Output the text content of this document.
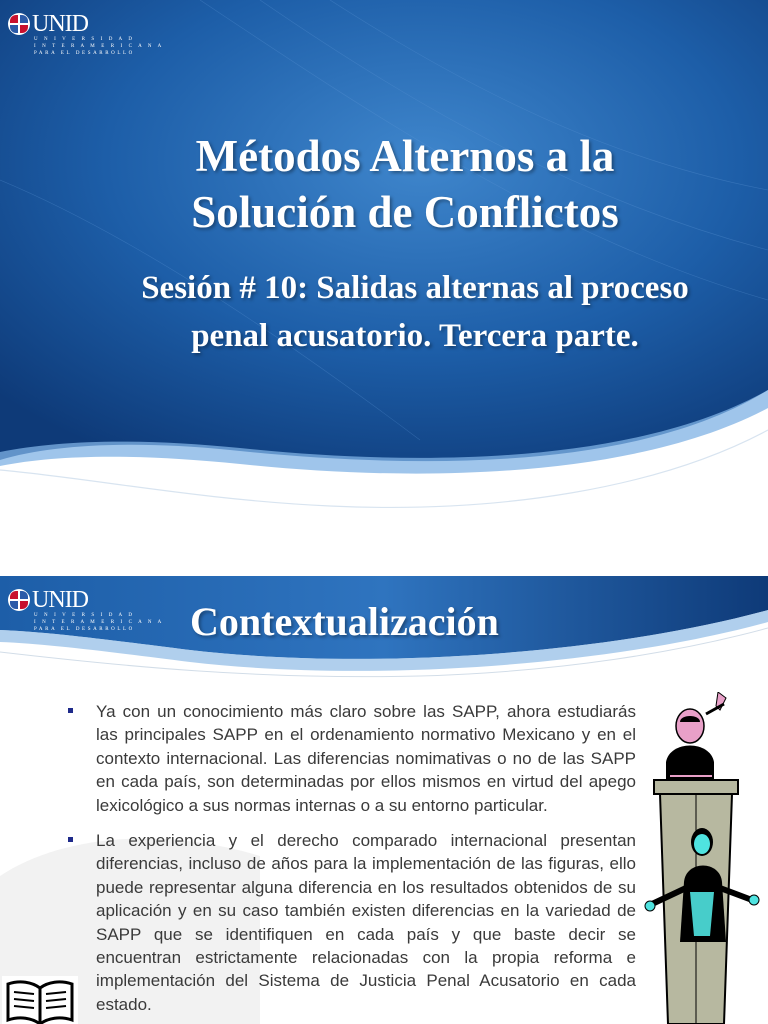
UNID
U N I V E R S I D A D
I N T E R A M E R I C A N A
PARA EL DESARROLLO
Métodos Alternos a la
Solución de Conflictos
Sesión # 10: Salidas alternas al proceso
penal acusatorio. Tercera parte.
UNID
U N I V E R S I D A D
I N T E R A M E R I C A N A
PARA EL DESARROLLO	Contextualización
Ya con un conocimiento más claro sobre las SAPP, ahora estudiarás las principales SAPP en el ordenamiento normativo Mexicano y en el contexto internacional. Las diferencias nomimativas o no de las SAPP en cada país, son determinadas por ellos mismos en virtud del apego lexicológico a sus normas internas o a su entorno particular.
La experiencia y el derecho comparado internacional presentan diferencias, incluso de años para la implementación de las figuras, ello puede representar alguna diferencia en los resultados obtenidos de su aplicación y en su caso también existen diferencias en la variedad de SAPP que se identifiquen en cada país y que baste decir se encuentran estrictamente relacionadas con la propia reforma e implementación del Sistema de Justicia Penal Acusatorio en cada estado.
